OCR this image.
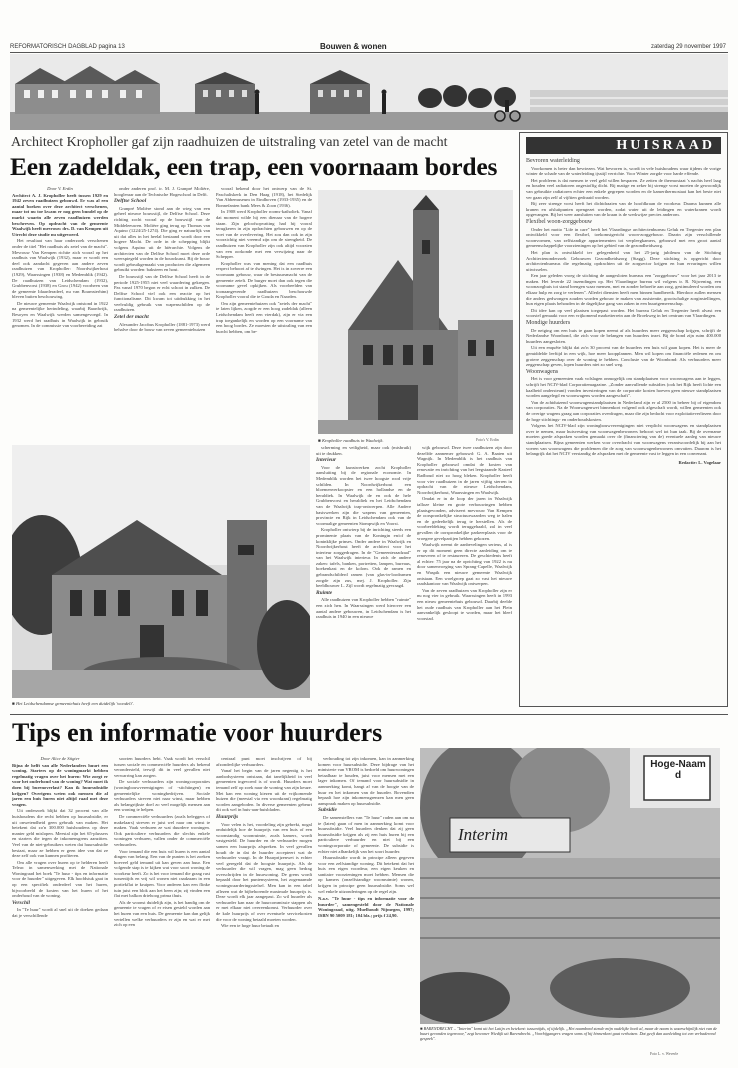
REFORMATORISCH DAGBLAD pagina 13	Bouwen & wonen	zaterdag 29 november 1997
Architect Kropholler gaf zijn raadhuizen de uitstraling van zetel van de macht
Een zadeldak, een trap, een voornaam bordes

Door V. Erdin

Architect A. J. Kropholler heeft tussen 1929 en 1942 zeven raadhuizen gebouwd. Er was al een aantal boeken over deze architect verschenen, maar tot nu toe kwam er nog geen bundel op de markt waarin alle zeven raadhuizen werden beschreven. Op opdracht van de gemeente Waalwijk heeft mevrouw drs. D. van Kempen uit Utrecht deze studie nu uitgevoerd.

Het resultaat van haar onderzoek verschenen onder de titel "Het raadhuis als zetel van de macht". Mevrouw Van Kempen richtte zich vooral op het raadhuis van Waalwijk (1932), maar er wordt een deel ook aandacht gegeven aan andere zeven raadhuizen van Kropholler: Noordwijkerhout (1929), Waarssingen (1938) en Medemblik (1942). De raadhuizen van Leidschendam (1932), Grubbenvorst (1938) en Grou (1942) voorheen van de gemeente Idaarderadeel, nu van Boarnsterhim) bleven buiten beschouwing.

De nieuwe gemeente Waalwijk ontstond in 1922 na gemeentelijke herindeling, waarbij Baardwijk, Besoyen en Waalwijk werden samengevoegd. In 1932 werd het raadhuis in Waalwijk in gebruik genomen. In de commissie van voorbereiding zat

onder anderen prof. ir. M. J. Granpré Molière, hoogleraar aan de Technische Hogeschool in Delft.

Delftse School

Granpré Molière stond aan de wieg van een geheel nieuwe bouwstijl, de Delftse School. Deze richting zocht vooral op de bouwstijl van de Middeleeuwen. Molière ging terug op Thomas van Aquino (1224/25-1274). Die ging er natuurlijk van uit dat alles in het heelal bestaand wordt door een hogere Macht. De orde in de schepping blijkt volgens Aquino uit de hiërarchie. Volgens de architecten van de Delftse School moet deze orde weerspiegeld worden in de bouwkunst. Bij de bouw wordt gebruikgemaakt van producten die algemeen gebruikt worden: baksteen en hout.

De bouwstijl van de Delftse School heeft in de periode 1925-1955 niet veel waardering gekregen. Pas vanaf 1970 begon er echt schoot in zulken. De Delftse School viel ook een reactie op het functionalisme. Dit kwam tot uitdrukking in het veelvuldig gebruik van wapenschilden op de raadhuizen.

Zetel der macht

Alexander Jacobus Kropholler (1881-1973) werd behalve door de bouw van zeven gemeentehuizen

vooral bekend door het ontwerp van de St. Paschaliskerk in Den Haag (1918), het Stedelijk Van Abbemuseum in Eindhoven (1933-1935) en de Bonnefanten bank Mees & Zoon (1936).

In 1908 werd Kropholler rooms-katholiek. Vanaf dat moment wilde hij een dienaar van de hogere staan. Zijn geloofsopvatting had hij vooral terugkeren in zijn opdrachten gebouwen en op de voet van de overlevering. Het zou dan ook in zijn voorzichtig niet vreemd zijn om de strengheid. De raadhuizen van Kropholler zijn ook altijd voorzien van een oorkonde met een verwijzing naar de Schepper.

Kropholler was van mening dat een raadhuis respect behoort af te dwingen. Het is in zoverre een voornaam gebouw, waar de bestuursmacht van de gemeente zetelt. De burger moet dan ook tegen die voorname gevel opkijken. Als voorbeelden van toonaangevende raadhuizen beschouwde Kropholler vooral die te Gouda en Naarden.

Om zijn gemeentehuizen ook "zetels der macht" te laten lijken, zorgde er een hoog zadeldak (alleen Leidschendam heeft een vierdak), zijn er via een trap toegankelijk en worden op een voorname van een hoog bordes. Ze moesten de uitstraling van een burcht hebben, om be-

■ Kropholler raadhuis in Waalwijk.	Foto's V. Erdin
■ Het Leidschendamse gemeentehuis heeft een duidelijk 'woodeli'.

scherming en veiligheid, maar ook (misbruik) uit te drukken.

Interieur

Voor de kunstwerken zocht Kropholler aansluiting bij de regionale economie. In Medemblik worden het twee hoogste rood vrije schilden. In Noordwijkerhout een bloemenverkoopster en een hollandse en de heraldiek. In Waalwijk de en ook de hele Grubbenvorst en heraldiek en het Leidschendam van de Waalwijk trap-ontwerpen. Alle Andere basiswerken zijn die wapens van gemeenten, provincie en Rijk in Leidschendam ook van de voormalige gemeenten Stompwijk en Voorst.

Kropholler ontwierp bij de inrichting steeds een prominente plaats van de Koningin en/of de koninklijke prinses. Onder andere in Waalwijk en Noordwijkerhout heeft de architect voor het interieur zorggedragen. In de "Gemeenteraadzaal" van het Waalwijk interieur. In zich de andere zaken: tafels, banken, portretten, lampen, bureaus, boekenkast en de kolom. Ook de ramen en gebrandschilderd ramen (van glas-in-loodramen zorgde zijn zus, mej. J. Kropholler. Zijn beeldhouwer L. Zijl wordt regelmatig gevraagd.

Ruimte

Alle raadhuizen van Kropholler hebben "ruimte" een zich hen. In Waarssingen werd hierover een aantal andere gebouwen, in Leidschendam is het raadhuis in 1940 in een nieuwe

wijk gebouwd. Deze twee raadhuizen zijn door dezelfde aannemer gebouwd: G. A. Baaten uit Wagnijk. In Medemblik is het raadhuis van Kropholler gebouwd omdat de kosten van renovatie en inrichting van het leegstaande Kasteel Radboud niet zo hoog bleken. Kropholler heeft voor vier raadhuizen in de jaren vijftig sterren in opdracht van de nieuwe Leidschendam, Noordwijkerhout, Waarssingen en Waalwijk.

Omdat er in de loop der jaren in Waalwijk talloze kleine en grote verbouwingen hebben plaatsgevonden, adviseert mevrouw Van Kempen de oorspronkelijke structuurwaarden weg te halen en de gedeeltelijk terug te herstellen. Als de voorbeeldeking wordt teruggehaald, zal in veel gevallen de oorspronkelijke parkeerplaats voor de vroegere gevelpartijen hebben gekozen.

Waalwijk neemt de aanbevelingen serieus, al is er op dit moment geen directe aanleiding om te renoveren of te restaureren. De geschiedenis heeft al echter: 75 jaar na de oprichting van 1922 is nu door samenvoeging van Sprang-Capelle, Waalwijk en Waspik een nieuwe gemeente Waalwijk ontstaan. Een woelgroep gaat zo vast het nieuwe raadskantoor van Waalwijk ontwerpen.

Van de zeven raadhuizen van Kropholler zijn er nu nog vier in gebruik. Waarssingen heeft in 1993 een nieuw gemeentehuis gebouwd. Daarbij deelde het oude raadhuis van Kropholler aan het Plein aanvankelijk gesloopt te worden, maar het bleef voorstad.

HUISRAAD

Bevroren waterleiding

Voorkomen is beter dan bevriezen. Wat bevroren is, wordt in vele huishoudens waar tijdens de vorige winter de schade van de waterleiding ijsstijl verrichte. Voor Winter zorgde voor harde effende.

Het probleem is dat mensen te veel geld willen besparen. Ze zetten de thermostaat 's nachts heel laag en houden veel radiatoren ongestoffig dicht. Bij matige en zeker bij strenge vorst moeten de gewoonlijk van gebruikte radiatoren echter een enkele gegrepen worden en de kamerthermostaat kan het beste niet ver gaan zijn zelf al vijftien gedraaid worden.

Bij zeer strenge vorst heeft het dichtdraaien van de hoofdkraan de voorkeur. Daarna kunnen alle kranen en afsluitpunten opengezet worden, zodat water uit de leidingen en waterkranen wordt opgevangen. Bij het weer aansluiten van de kraan is de werkwijze precies anderom.

Flexibel woon-zorggebouw

Onder het motto "Life in care" heeft het Vlaardingse architectenbureau Geluk en Tregenier een plan ontwikkeld voor een flexibel, toekomstgericht woon-zorggebouw. Daarin zijn verschillende woonvormen, van zelfstandige appartementen tot verpleegkamers, gebouwd met een groot aantal gemeenschappelijke voorzieningen op het gebied van de gezondheidszorg.

Het plan is ontwikkeld ter gelegenheid van het 25-jarig jubileum van de Stichting Architectenonderzoek Gebouwen Gezondheidszorg (Stagg). Deze stichting is opgericht door architectenbureaus die regelmatig opdrachten uit de zorgsector krijgen en hun ervaringen willen uitwisselen.

Een jaar geleden vroeg de stichting de aangesloten bureaus een "zorggebouw" voor het jaar 2013 te maken. Het leverde 22 inzendingen op. Het Vlaardingse bureau wil volgens ir. R. Nijwening, een woonzorghuis tot stand brengen waar mensen, met en zonder behoefte aan zorg, gestimuleerd worden om elkaar hulp en zorg te verlenen". Allerlei diensten heeft men binnen handbereik. Hierdoor zullen mensen die anders gedwongen zouden worden gebouw te maken van assistentie, grootschalige zorginstellingen, hun eigen plaats behouden in de dagelijkse gang van zaken in een buurtgemeenschap.

Dit idee kan op veel plaatsen toegepast worden. Het bureau Geluk en Tregenier heeft alvast een voorstel gemaakt voor een vrijkomend marketterrein aan de Broekweg in het centrum van Vlaardingen.

Mondige huurders

De neiging om een huis te gaan kopen neemt af als huurders meer zeggenschap krijgen, schrijft de Nederlandse Woonbond, die zich voor de belangen van huurders inzet. Bij de bond zijn ruim 400.000 huurders aangesloten.

Uit een enquête blijkt dat zo'n 30 procent van de huurders een huis wil gaan kopen. Het is meer de gemiddelde leeftijd in een wijk, hoe meer koopplannen. Men wil kopen om financiële redenen en om grotere zeggenschap over de woning te hebben. Conclusie van de Woonbond: Als verhuurders meer zeggenschap geven, lopen huurders niet zo snel weg.

Woonwagens

Het is voor gemeenten vaak volslagen onmogelijk om standplaatsen voor woonwagens aan te leggen, schrijft het NCIV-blad Corporatiemagazine. „Zonder aanvullende subsidies (ook het Rijk heeft lichte een kaalheid ondersteunt) vonden investeringen van de corporatie kosten hoeven geen nieuwe standplaatsen worden aangelegd en woonwagens worden aangeschaft".

Van de achtduizend woonwagenstandplaatsen in Nederland zijn er al 2500 in beheer bij of eigendom van corporaties. Na de Woonwagenwet binnenkort volgend ook afgeschaft wordt, willen gemeenten ook de overige wagens graag aan corporaties overdragen, maar die zijn bedacht voor exploitatieverliezen door de hoge stichtings- en onderhoudskosten.

Volgens het NCIV-blad zijn woningbouwverenigingen niet verplicht woonwagens en standplaatsen over te nemen, maar huisvesting van woonwagenbewoners behoort wel tot hun taak. Bij de overname moeten goede afspraken worden gemaakt over de (financiering van de) eventuele aanleg van nieuwe standplaatsen. Bijna gemeenten werken voor overdracht van woonwagens verantwoordelijk bij aan het voeren van woonwagens die problemen die de zorg van woonwagenbewoners omvatten. Daarom is het belangrijk dat het NCIV verstandig de afspraken met de gemeente vast te leggen in een convenant.

Redactie: L. Vogelaar

Tips en informatie voor huurders

Door Alice de Stigter

Bijna de helft van alle Nederlanders huurt een woning. Starters op de woningmarkt hebben regelmatig vragen over het huren: Wie zorgt er voor het onderhoud van de woning? Wat moet ik doen bij burenoverlast? Kan ik huursubsidie krijgen? Overigens weten ook mensen die al jaren een huis huren niet altijd raad met deze vragen.

Uit onderzoek blijkt dat 32 procent van alle huishoudens die recht hebben op huursubsidie, er uit onwetendheid geen gebruik van maken. Het betekent dat zo'n 300.000 huishoudens op deze manier geld mislopen. Meestal zijn het 65-plussers en starters die tegen de inkomensgrens aanzitten. Veel van de niet-gebruikers weten dat huursubsidie bestaat, maar ze hebben er geen idee van dat ze deze zelf ook van kunnen profiteren.

Om alle vragen over huren op te helderen heeft Teleac in samenwerking met de Nationale Woningraad het boek "Te huur - tips en informatie voor de huurder" uitgegeven. Elk hoofdstuk gaat in op een specifiek onderdeel van het huren, bijvoorbeeld de kosten van het huren of het onderhoud van de woning.

Verschil

In "Te huur" wordt al snel uit de doeken gedaan dat je verschillende

soorten huurders hebt. Vaak wordt het verschil tussen sociale en commerciële huurders als bekend verondersteld, terwijl dit in veel gevallen niet verwarring kan zorgen.

De sociale verhuurders zijn woningcorporaties (woningbouwverenigingen of -stichtingen) en gemeentelijke woningbedrijven. Sociale verhuurders streven niet naar winst, maar hebben als belangrijkste doel zo veel mogelijk mensen aan een woning te helpen.

De commerciële verhuurders (zoals beleggers of makelaars) streven er juist wel naar om winst te maken. Vaak verhuren ze wat duurdere woningen. Ook particuliere verhuurders die slechts enkele woningen verhuren, vallen onder de commerciële verhuurders.

Voor iemand die een huis wil huren is een aantal dingen van belang. Een van de punten is het zoeken hoeveel geld iemand uit kan geven aan huur. Een volgende stap is te kijken wat voor soort woning de voorkeur heeft. Zo is het voor iemand die graag rust tussentijds en vrij wil wonen niet raadzaam in een portiekflat te kruipen. Voor anderen kan een flinke tuin juist een blok aan het been zijn; zij vinden een flat met balkon driehoog prima thuis.

Als de woonst duidelijk zijn, is het handig om de gemeente te vragen of er eisen gesteld worden aan het huren van een huis. De gemeente kan dan gelijk vertellen welke verhuurders er zijn en wat er met zich op een

centraal punt moet inschrijven of bij afzonderlijke verhuurders.

Vanaf het begin van de jaren negentig is het aanbodsysteem ontstaan, dat tanelijkheid in veel gemeenten ingevoerd is of wordt. Huurders moet iemand zelf op zoek naar de woning van zijn keuze. Met kan een woning kiezen uit de vrijkomende huizen die (meestal via een woonkrant) regelmatig worden aangeboden. In diverse gemeenten gebeurt dit ook wel in huis-aan-huisbladen.

Huurprijs

Voor velen is het, voordeling zijn gebrekt, nogal onduidelijk hoe de huurprijs van een huis of een woonstandig woonruimte, zoals kamers, wordt vastgesteld. De huurder en de verhuurder mogen samen een huurprijs afspreken. In veel gevallen houdt de in dat de huurder accepteert wat de verhuurder vraagt. In de Huurprijzenwet is echter veel geregeld dat de hoogste huurprijs. Als de verhuurder die wil vragen, mag geen bedrag overschrijden in de huurwoning. De grens wordt bepaald door het puntensysteem, het zogenaamde woningwaarderingsstelsel. Men kan in een tabel aflezen wat de bijbehorende maximale huurprijs is. Deze wordt elk jaar aangepast. Zo wil huurder als verhuurder kan naar de huurcommissie stappen als er met elkaar niet overeenkomst. Verhuurder over de kale huurprijs of over eventuele servicekosten die voor de woning betaald moeten worden.

Wie een te hoge huur betaalt en

verhouding tot zijn inkomen, kan in aanmerking komen voor huursubsidie. Deze bijdrage van het ministerie van VROM is bedoeld om huurwoningen betaalbaar te houden, juist voor mensen met een lager inkomen. Of iemand voor huursubsidie in aanmerking komt, hangt af van de hoogte van de huur en het inkomen van de huurder. Bovendien bepaalt hoe zijn inkomensgrenzen kan men geen aanspraak maken op huursubsidie.

Subsidie

De samenstellers van "Te huur" raden aan om na te (laten) gaan of men in aanmerking komt voor huursubsidie. Veel huurders denken dat zij geen huursubsidie krijgen als zij een huis huren bij een particuliere verhuurder en niet bij een woningcorporatie of gemeente. De subsidie is echter niet afhankelijk van het soort huurder.

Huursubsidie wordt in principe alleen gegeven voor een zelfstandige woning. Dit betekent dat het huis een eigen voordeur, een eigen keuken en sanitaire voorzieningen moet hebben. Mensen die op kamers (onzelfstandige woonruimte) wonen, krijgen in principe geen huursubsidie. Soms wel wel enkele uitzonderingen op de regel zijn.

N.a.v. "Te huur - tips en informatie voor de huurder", samengesteld door de Nationale Woningraad, uitg. Muelhoudt Nijmegen, 1997; ISBN 90 5009 181; 104 blz.; prijs f 24,90.

Hoge-Naamd
Interim
■ BARENDRECHT – "Interim" komt uit het Latijn en betekent: tussentijds, of tijdelijk. „Het naambord stende mijn oudelijke boek al, maar de naam is waarschijnlijk niet van de buurt gevonden tegenvoor," zegt bewoner Wiedijk uit Barendrecht. „Voorbijgangers vragen soms of hij binnenkort gaat verhuizen. Dat geeft dan aanleiding tot een verbaderend gesprek".
Foto L. v. Weverle
